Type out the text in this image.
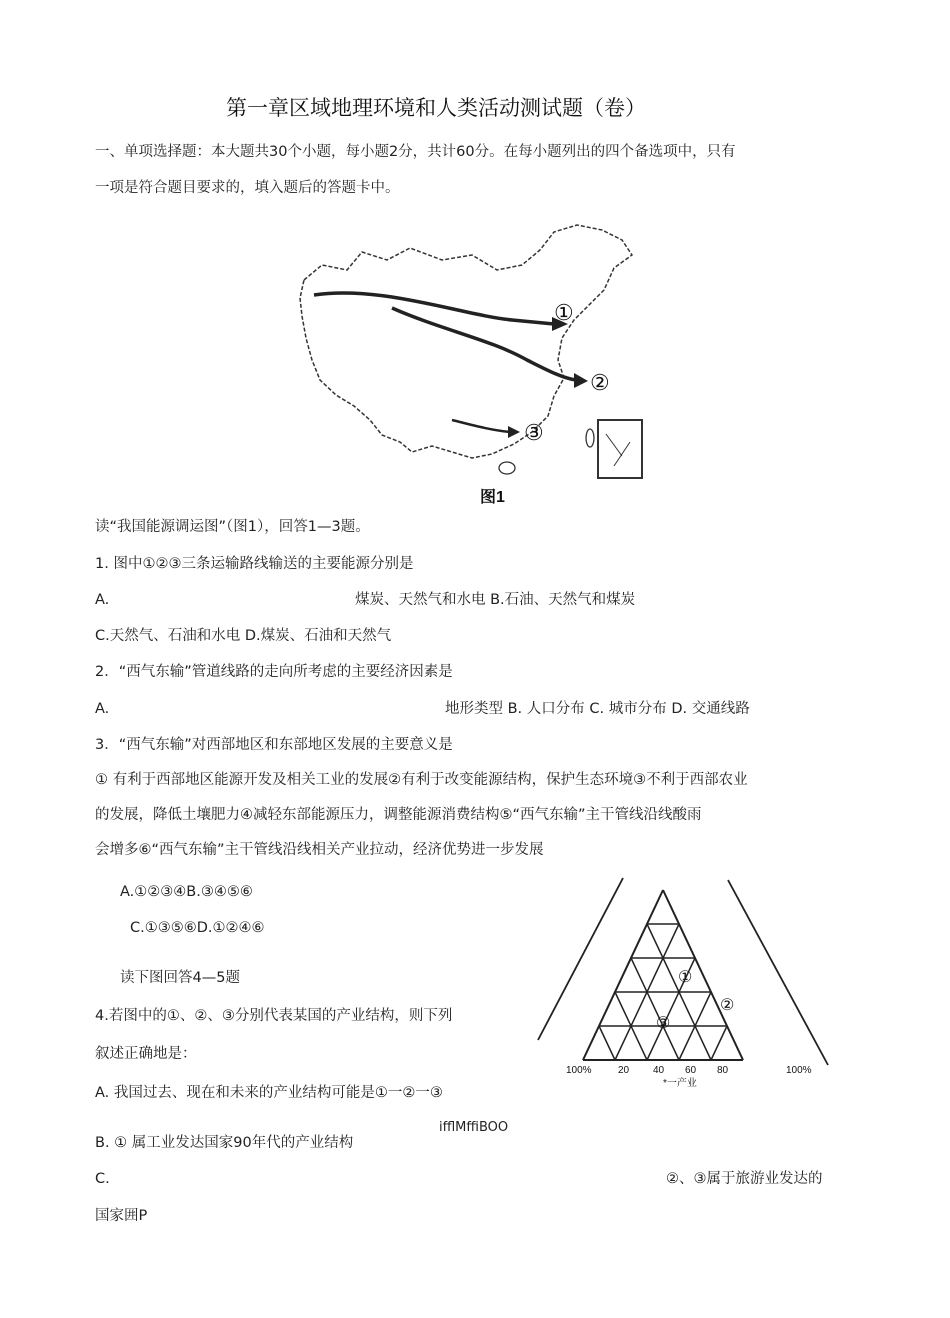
第一章区域地理环境和人类活动测试题（卷）
一、单项选择题：本大题共30个小题，每小题2分，共计60分。在每小题列出的四个备选项中，只有
一项是符合题目要求的，填入题后的答题卡中。
①
②
③
图1
读“我国能源调运图”（图1），回答1—3题。
1. 图中①②③三条运输路线输送的主要能源分别是
A.	煤炭、天然气和水电 B.石油、天然气和煤炭
C.天然气、石油和水电 D.煤炭、石油和天然气
2．“西气东输”管道线路的走向所考虑的主要经济因素是
A.	地形类型 B. 人口分布 C. 城市分布 D. 交通线路
3．“西气东输”对西部地区和东部地区发展的主要意义是
① 有利于西部地区能源开发及相关工业的发展②有利于改变能源结构，保护生态环境③不利于西部农业
的发展，降低土壤肥力④减轻东部能源压力，调整能源消费结构⑤“西气东输”主干管线沿线酸雨
会增多⑥“西气东输”主干管线沿线相关产业拉动，经济优势进一步发展
A.①②③④B.③④⑤⑥
C.①③⑤⑥D.①②④⑥
读下图回答4—5题	①
②
③
100%	20 40 60 80	100%
*一产业
ifflMffiBOO
4.若图中的①、②、③分别代表某国的产业结构，则下列
叙述正确地是：
A. 我国过去、现在和未来的产业结构可能是①一②一③
B. ① 属工业发达国家90年代的产业结构
C.	②、③属于旅游业发达的
国家囲P
